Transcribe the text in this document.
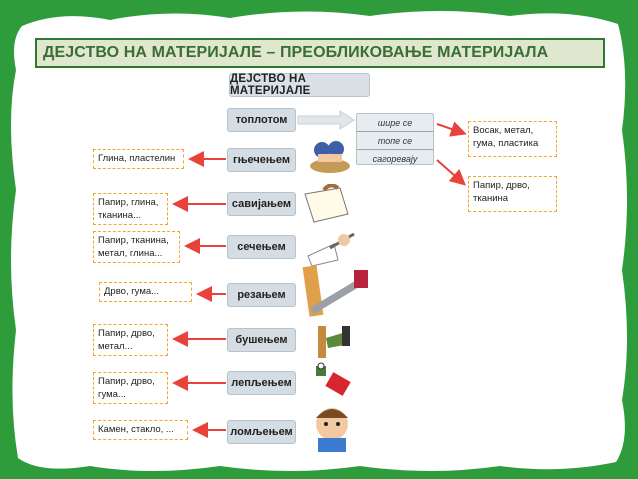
ДЕЈСТВО НА МАТЕРИЈАЛЕ – ПРЕОБЛИКОВАЊЕ МАТЕРИЈАЛА
ДЕЈСТВО НА МАТЕРИЈАЛЕ
топлотом
гњечењем
савијањем
сечењем
резањем
бушењем
лепљењем
ломљењем
шире се
топе се
сагоревају
Восак, метал, гума, пластика
Папир, дрво, тканина
Глина, пластелин
Папир, глина, тканина...
Папир, тканина, метал, глина...
Дрво, гума...
Папир, дрво, метал...
Папир, дрво, гума...
Камен, стакло, ...
